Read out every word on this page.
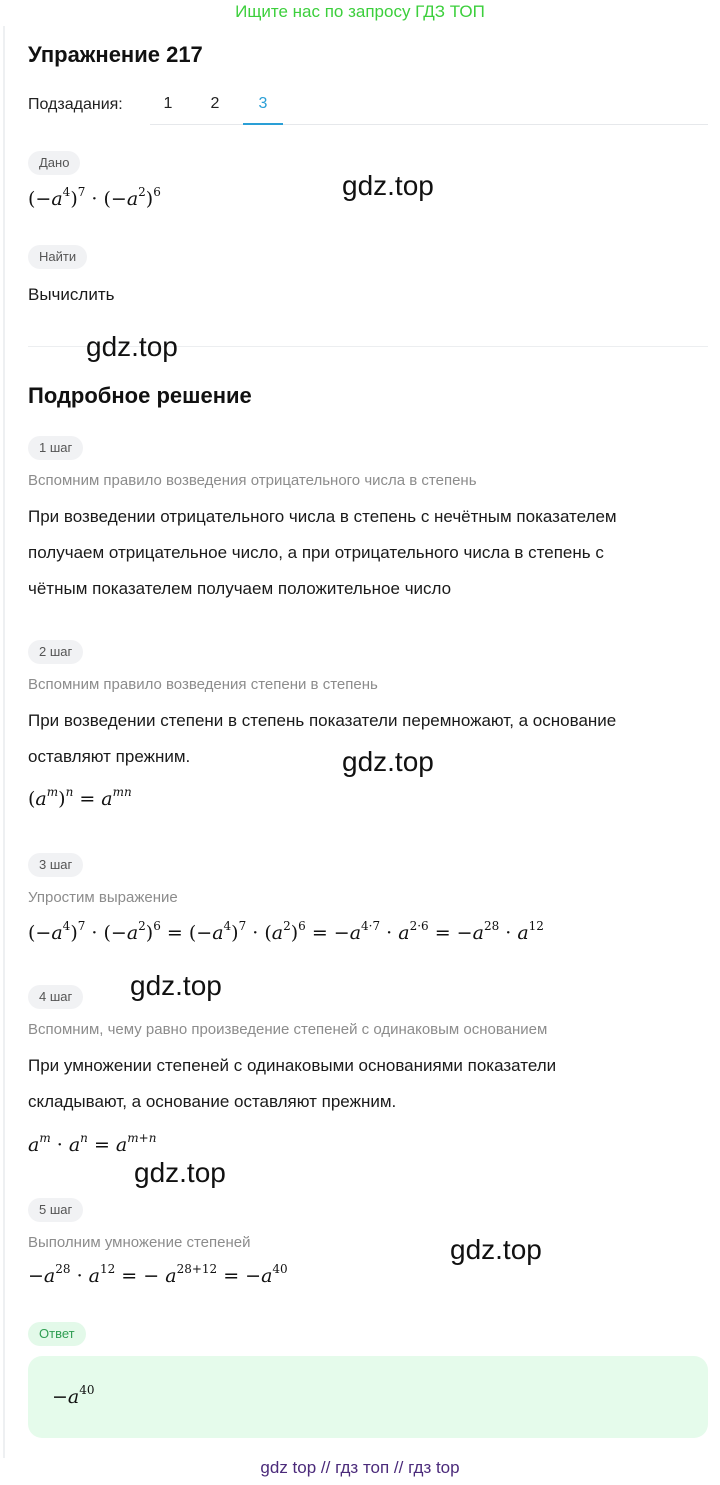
Ищите нас по запросу ГДЗ ТОП
Упражнение 217
Подзадания:	1	2	3
Дано
$(-a^4)^7 \cdot (-a^2)^6$
Найти
Вычислить
Подробное решение
1 шаг
Вспомним правило возведения отрицательного числа в степень
При возведении отрицательного числа в степень с нечётным показателем
получаем отрицательное число, а при отрицательного числа в степень с
чётным показателем получаем положительное число
2 шаг
Вспомним правило возведения степени в степень
При возведении степени в степень показатели перемножают, а основание
оставляют прежним.
$(a^m)^n = a^{mn}$
3 шаг
Упростим выражение
$(-a^4)^7 \cdot (-a^2)^6 = (-a^4)^7 \cdot (a^2)^6 = -a^{4\cdot 7} \cdot a^{2\cdot 6} = -a^{28} \cdot a^{12}$
4 шаг
Вспомним, чему равно произведение степеней с одинаковым основанием
При умножении степеней с одинаковыми основаниями показатели
складывают, а основание оставляют прежним.
$a^m \cdot a^n = a^{m+n}$
5 шаг
Выполним умножение степеней
$-a^{28} \cdot a^{12}$ = − $a^{28+12} = -a^{40}$
Ответ
$-a^{40}$
gdz.top
gdz.top
gdz.top
gdz.top
gdz.top
gdz.top
gdz top // гдз топ // гдз top
